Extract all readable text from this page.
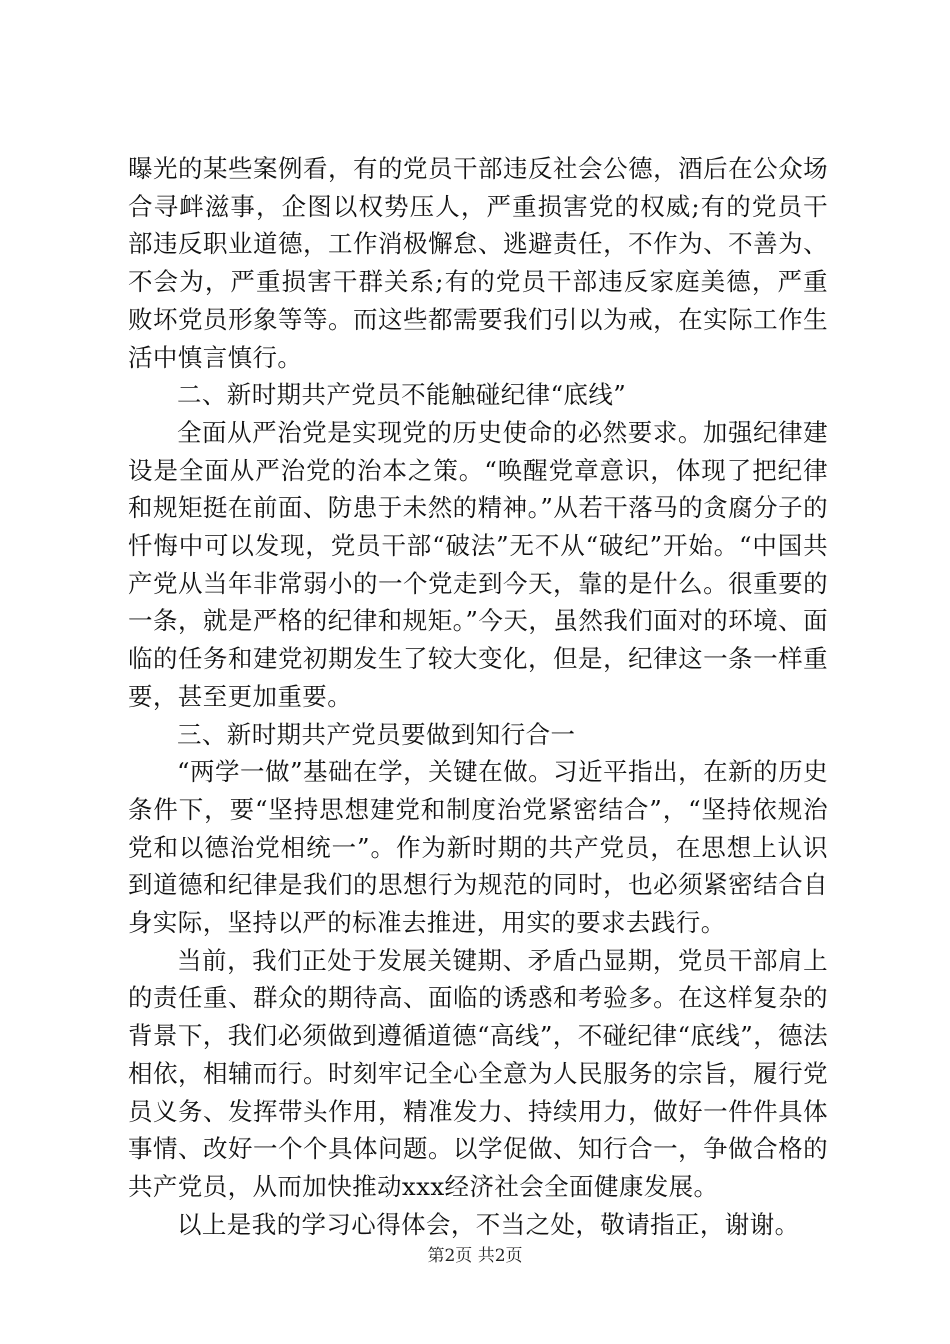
曝光的某些案例看，有的党员干部违反社会公德，酒后在公众场合寻衅滋事，企图以权势压人，严重损害党的权威;有的党员干部违反职业道德，工作消极懈怠、逃避责任，不作为、不善为、不会为，严重损害干群关系;有的党员干部违反家庭美德，严重败坏党员形象等等。而这些都需要我们引以为戒，在实际工作生活中慎言慎行。

二、新时期共产党员不能触碰纪律“底线”

全面从严治党是实现党的历史使命的必然要求。加强纪律建设是全面从严治党的治本之策。“唤醒党章意识，体现了把纪律和规矩挺在前面、防患于未然的精神。”从若干落马的贪腐分子的忏悔中可以发现，党员干部“破法”无不从“破纪”开始。“中国共产党从当年非常弱小的一个党走到今天，靠的是什么。很重要的一条，就是严格的纪律和规矩。”今天，虽然我们面对的环境、面临的任务和建党初期发生了较大变化，但是，纪律这一条一样重要，甚至更加重要。

三、新时期共产党员要做到知行合一

“两学一做”基础在学，关键在做。习近平指出，在新的历史条件下，要“坚持思想建党和制度治党紧密结合”，“坚持依规治党和以德治党相统一”。作为新时期的共产党员，在思想上认识到道德和纪律是我们的思想行为规范的同时，也必须紧密结合自身实际，坚持以严的标准去推进，用实的要求去践行。

当前，我们正处于发展关键期、矛盾凸显期，党员干部肩上的责任重、群众的期待高、面临的诱惑和考验多。在这样复杂的背景下，我们必须做到遵循道德“高线”，不碰纪律“底线”，德法相依，相辅而行。时刻牢记全心全意为人民服务的宗旨，履行党员义务、发挥带头作用，精准发力、持续用力，做好一件件具体事情、改好一个个具体问题。以学促做、知行合一，争做合格的共产党员，从而加快推动xxx经济社会全面健康发展。

以上是我的学习心得体会，不当之处，敬请指正，谢谢。

第2页 共2页
